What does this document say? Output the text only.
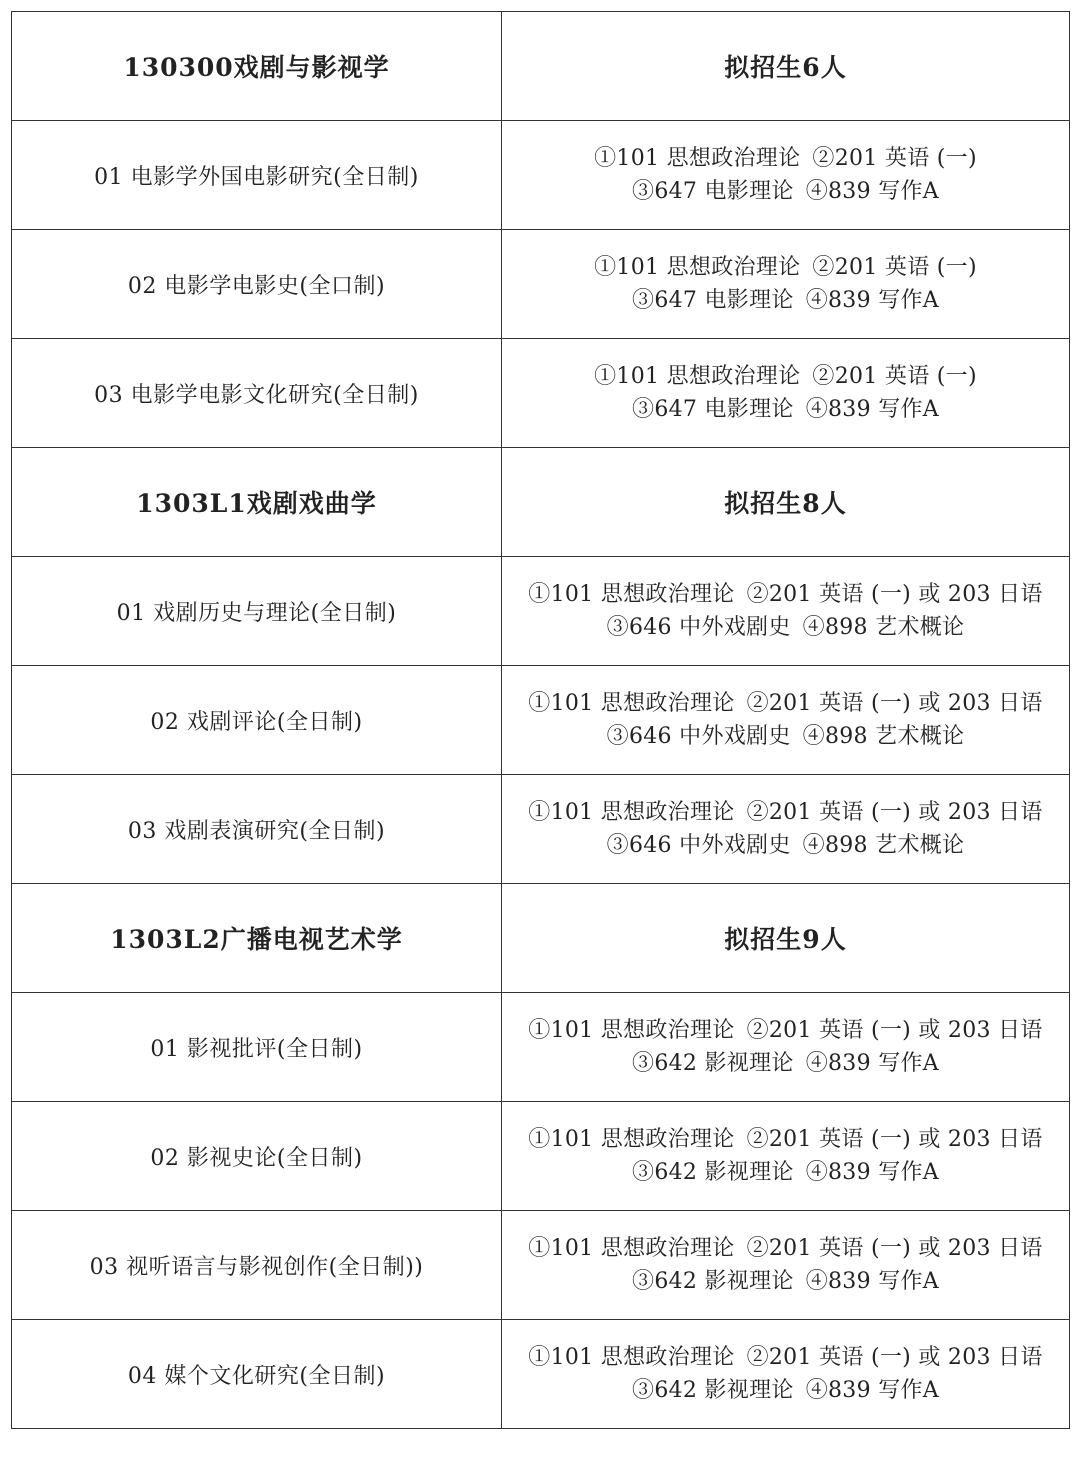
130300戏剧与影视学	拟招生6人
01 电影学外国电影研究(全日制)	①101 思想政治理论 ②201 英语 (一)
③647 电影理论 ④839 写作A

02 电影学电影史(全口制)	①101 思想政治理论 ②201 英语 (一)
③647 电影理论 ④839 写作A

03 电影学电影文化研究(全日制)	①101 思想政治理论 ②201 英语 (一)
③647 电影理论 ④839 写作A

1303L1戏剧戏曲学	拟招生8人
01 戏剧历史与理论(全日制)	①101 思想政治理论 ②201 英语 (一) 或 203 日语
③646 中外戏剧史 ④898 艺术概论

02 戏剧评论(全日制)	①101 思想政治理论 ②201 英语 (一) 或 203 日语
③646 中外戏剧史 ④898 艺术概论

03 戏剧表演研究(全日制)	①101 思想政治理论 ②201 英语 (一) 或 203 日语
③646 中外戏剧史 ④898 艺术概论

1303L2广播电视艺术学	拟招生9人
01 影视批评(全日制)	①101 思想政治理论 ②201 英语 (一) 或 203 日语
③642 影视理论 ④839 写作A

02 影视史论(全日制)	①101 思想政治理论 ②201 英语 (一) 或 203 日语
③642 影视理论 ④839 写作A

03 视听语言与影视创作(全日制))	①101 思想政治理论 ②201 英语 (一) 或 203 日语
③642 影视理论 ④839 写作A

04 媒个文化研究(全日制)	①101 思想政治理论 ②201 英语 (一) 或 203 日语
③642 影视理论 ④839 写作A
